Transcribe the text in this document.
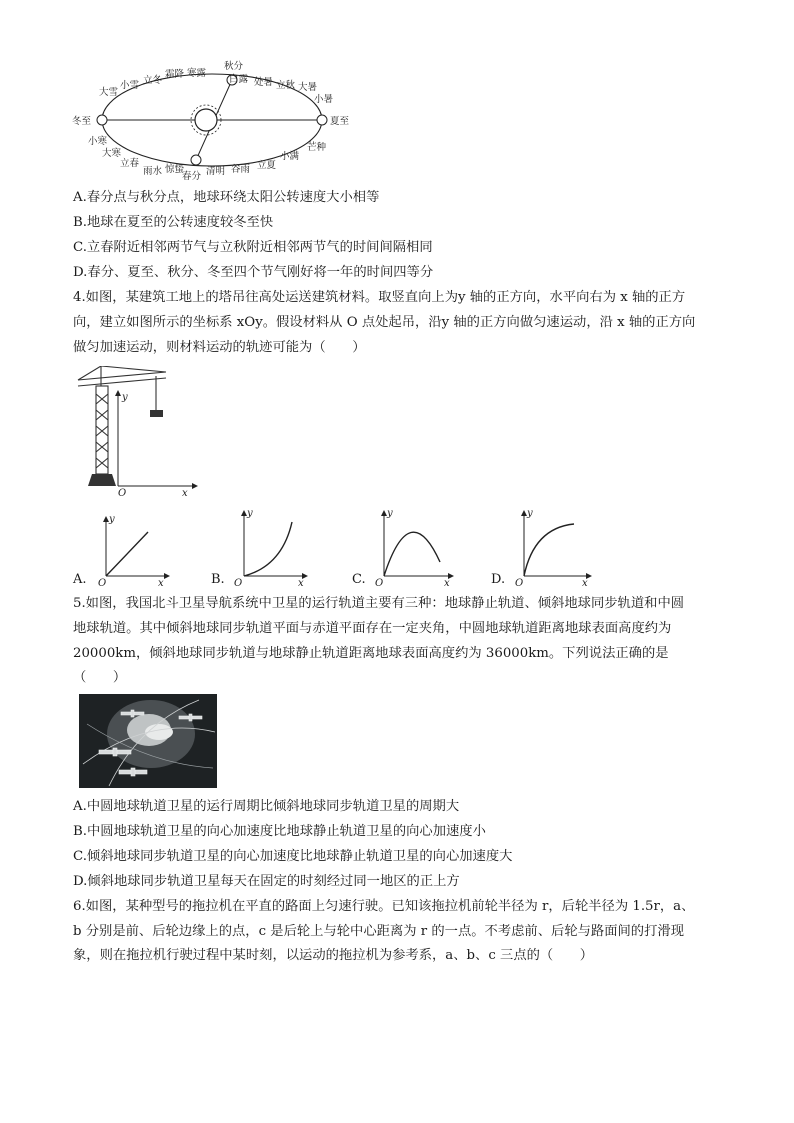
冬至	夏至
秋分
春分
大雪
小雪 立冬
霜降 寒露
白露 处暑 立秋 大暑
小暑
小寒
大寒
立春
雨水 惊蛰 清明 谷雨 立夏
小满
芒种
A.春分点与秋分点，地球环绕太阳公转速度大小相等
B.地球在夏至的公转速度较冬至快
C.立春附近相邻两节气与立秋附近相邻两节气的时间间隔相同
D.春分、夏至、秋分、冬至四个节气刚好将一年的时间四等分
4.如图，某建筑工地上的塔吊往高处运送建筑材料。取竖直向上为y 轴的正方向，水平向右为 x 轴的正方
向，建立如图所示的坐标系 xOy。假设材料从 O 点处起吊，沿y 轴的正方向做匀速运动，沿 x 轴的正方向
做匀加速运动，则材料运动的轨迹可能为（　　）
y
x
O
A.
y
x
O	B.
y
x
O	C.
y
x
O	D.
y
x
O
5.如图，我国北斗卫星导航系统中卫星的运行轨道主要有三种：地球静止轨道、倾斜地球同步轨道和中圆
地球轨道。其中倾斜地球同步轨道平面与赤道平面存在一定夹角，中圆地球轨道距离地球表面高度约为
20000km，倾斜地球同步轨道与地球静止轨道距离地球表面高度约为 36000km。下列说法正确的是
（　　）
A.中圆地球轨道卫星的运行周期比倾斜地球同步轨道卫星的周期大
B.中圆地球轨道卫星的向心加速度比地球静止轨道卫星的向心加速度小
C.倾斜地球同步轨道卫星的向心加速度比地球静止轨道卫星的向心加速度大
D.倾斜地球同步轨道卫星每天在固定的时刻经过同一地区的正上方
6.如图，某种型号的拖拉机在平直的路面上匀速行驶。已知该拖拉机前轮半径为 r，后轮半径为 1.5r，a、
b 分别是前、后轮边缘上的点，c 是后轮上与轮中心距离为 r 的一点。不考虑前、后轮与路面间的打滑现
象，则在拖拉机行驶过程中某时刻，以运动的拖拉机为参考系，a、b、c 三点的（　　）
